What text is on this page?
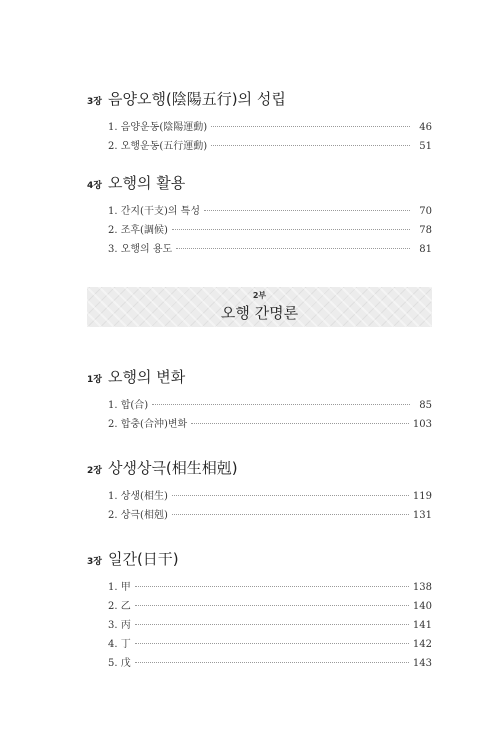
3장 음양오행(陰陽五行)의 성립
1. 음양운동(陰陽運動)	46
2. 오행운동(五行運動)	51
4장 오행의 활용
1. 간지(干支)의 특성	70
2. 조후(調候)	78
3. 오행의 용도	81
2부
오행 간명론
1장 오행의 변화
1. 합(合)	85
2. 합충(合沖)변화	103
2장 상생상극(相生相剋)
1. 상생(相生)	119
2. 상극(相剋)	131
3장 일간(日干)
1. 甲	138
2. 乙	140
3. 丙	141
4. 丁	142
5. 戊	143
